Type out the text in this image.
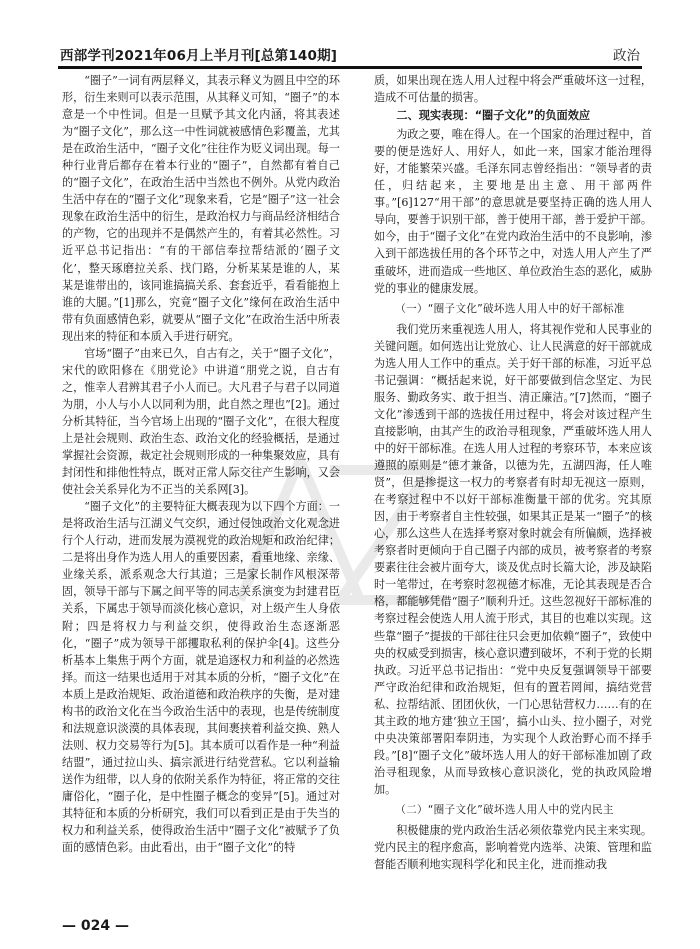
西部学刊2021年06月上半月刊[总第140期]	政治

“圈子”一词有两层释义，其表示释义为圆且中空的环形，衍生来则可以表示范围，从其释义可知，“圈子”的本意是一个中性词。但是一旦赋予其文化内涵，将其表述为“圈子文化”，那么这一中性词就被感情色彩覆盖，尤其是在政治生活中，“圈子文化”往往作为贬义词出现。每一种行业背后都存在着本行业的“圈子”，自然都有着自己的“圈子文化”，在政治生活中当然也不例外。从党内政治生活中存在的“圈子文化”现象来看，它是“圈子”这一社会现象在政治生活中的衍生，是政治权力与商品经济相结合的产物，它的出现并不是偶然产生的，有着其必然性。习近平总书记指出：“有的干部信奉拉帮结派的‘圈子文化’，整天琢磨拉关系、找门路，分析某某是谁的人，某某是谁带出的，该同谁搞搞关系、套套近乎，看看能抱上谁的大腿。”[1]那么，究竟“圈子文化”缘何在政治生活中带有负面感情色彩，就要从“圈子文化”在政治生活中所表现出来的特征和本质入手进行研究。

官场“圈子”由来已久，自古有之，关于“圈子文化”，宋代的欧阳修在《朋党论》中讲道“朋党之说，自古有之，惟幸人君辨其君子小人而已。大凡君子与君子以同道为朋，小人与小人以同利为朋，此自然之理也”[2]。通过分析其特征，当今官场上出现的“圈子文化”，在很大程度上是社会规则、政治生态、政治文化的经验概括，是通过掌握社会资源，裁定社会规则形成的一种集聚效应，具有封闭性和排他性特点，既对正常人际交往产生影响，又会使社会关系异化为不正当的关系网[3]。

“圈子文化”的主要特征大概表现为以下四个方面：一是将政治生活与江湖义气交织，通过侵蚀政治文化观念进行个人行动，进而发展为漠视党的政治规矩和政治纪律；二是将出身作为选人用人的重要因素，看重地缘、亲缘、业缘关系，派系观念大行其道；三是家长制作风根深蒂固，领导干部与下属之间平等的同志关系演变为封建君臣关系，下属忠于领导而淡化核心意识，对上级产生人身依附；四是将权力与利益交织，使得政治生态逐渐恶化，“圈子”成为领导干部攫取私利的保护伞[4]。这些分析基本上集焦于两个方面，就是追逐权力和利益的必然选择。而这一结果也适用于对其本质的分析，“圈子文化”在本质上是政治规矩、政治道德和政治秩序的失衡，是对建构书的政治文化在当今政治生活中的表现，也是传统制度和法规意识淡漠的具体表现，其间裹挟着利益交换、熟人法则、权力交易等行为[5]。其本质可以看作是一种“利益结盟”，通过拉山头、搞宗派进行结党营私。它以利益输送作为纽带，以人身的依附关系作为特征，将正常的交往庸俗化，“圈子化，是中性圈子概念的变异”[5]。通过对其特征和本质的分析研究，我们可以看到正是由于失当的权力和利益关系，使得政治生活中“圈子文化”被赋予了负面的感情色彩。由此看出，由于“圈子文化”的特

质，如果出现在选人用人过程中将会严重破坏这一过程，造成不可估量的损害。

二、现实表现：“圈子文化”的负面效应

为政之要，唯在得人。在一个国家的治理过程中，首要的便是选好人、用好人，如此一来，国家才能治理得好，才能繁荣兴盛。毛泽东同志曾经指出：“领导者的责任，归结起来，主要地是出主意、用干部两件事。”[6]127“用干部”的意思就是要坚持正确的选人用人导向，要善于识别干部，善于使用干部，善于爱护干部。如今，由于“圈子文化”在党内政治生活中的不良影响，渗入到干部选拔任用的各个环节之中，对选人用人产生了严重破坏，进而造成一些地区、单位政治生态的恶化，威胁党的事业的健康发展。

（一）“圈子文化”破坏选人用人中的好干部标准

我们党历来重视选人用人，将其视作党和人民事业的关键问题。如何选出让党放心、让人民满意的好干部就成为选人用人工作中的重点。关于好干部的标准，习近平总书记强调：“概括起来说，好干部要做到信念坚定、为民服务、勤政务实、敢于担当、清正廉洁。”[7]然而，“圈子文化”渗透到干部的选拔任用过程中，将会对该过程产生直接影响，由其产生的政治寻租现象，严重破坏选人用人中的好干部标准。在选人用人过程的考察环节，本来应该遵照的原则是“德才兼备，以德为先，五湖四海，任人唯贤”，但是掺提这一权力的考察者有时却无视这一原则，在考察过程中不以好干部标准衡量干部的优劣。究其原因，由于考察者自主性较强，如果其正是某一“圈子”的核心，那么这些人在选择考察对象时就会有所偏颇，选择被考察者时更倾向于自己圈子内部的成员，被考察者的考察要素往往会被片面夸大，谈及优点时长篇大论，涉及缺陷时一笔带过，在考察时忽视德才标准，无论其表现是否合格，都能够凭借“圈子”顺利升迁。这些忽视好干部标准的考察过程会使选人用人流于形式，其目的也难以实现。这些靠“圈子”提拔的干部往往只会更加依赖“圈子”，致使中央的权威受到损害，核心意识遭到破坏，不利于党的长期执政。习近平总书记指出：“党中央反复强调领导干部要严守政治纪律和政治规矩，但有的置若罔闻，搞结党营私、拉帮结派、团团伙伙，一门心思钻营权力……有的在其主政的地方建‘独立王国’，搞小山头、拉小圈子，对党中央决策部署阳奉阴违，为实现个人政治野心而不择手段。”[8]“圈子文化”破坏选人用人的好干部标准加剧了政治寻租现象，从而导致核心意识淡化，党的执政风险增加。

（二）“圈子文化”破坏选人用人中的党内民主

积极健康的党内政治生活必须依靠党内民主来实现。党内民主的程序愈高，影响着党内选举、决策、管理和监督能否顺利地实现科学化和民主化，进而推动我

— 024 —
